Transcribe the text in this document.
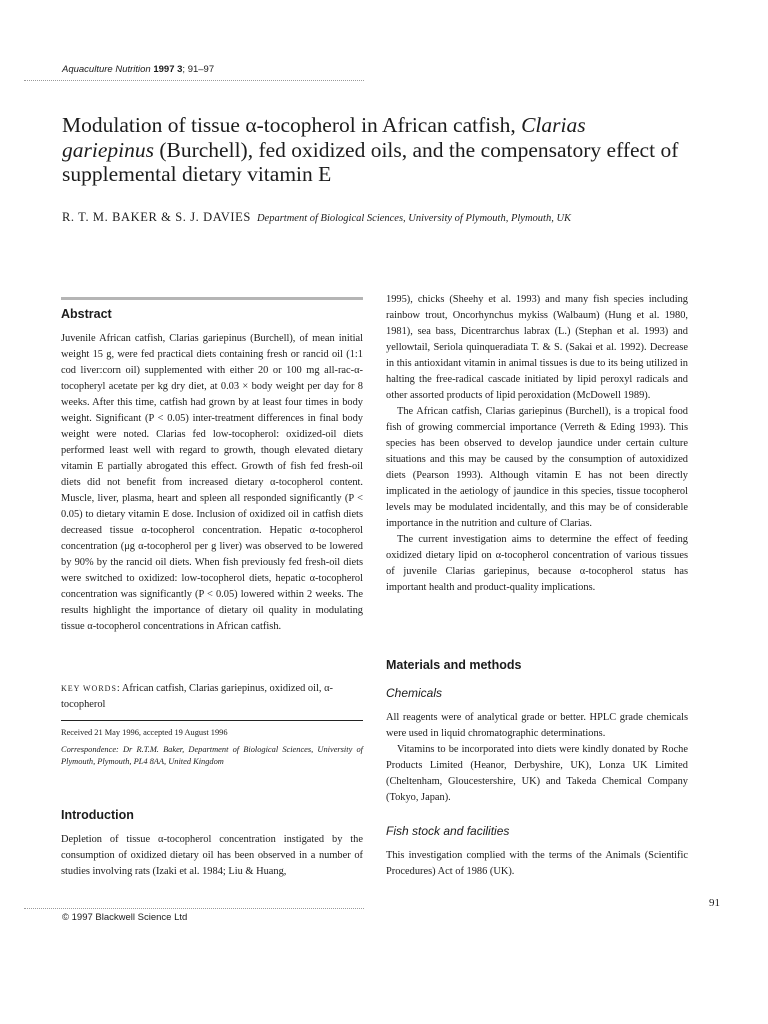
Aquaculture Nutrition 1997 3; 91–97
Modulation of tissue α-tocopherol in African catfish, Clarias gariepinus (Burchell), fed oxidized oils, and the compensatory effect of supplemental dietary vitamin E
R. T. M. BAKER & S. J. DAVIES Department of Biological Sciences, University of Plymouth, Plymouth, UK
Abstract
Juvenile African catfish, Clarias gariepinus (Burchell), of mean initial weight 15 g, were fed practical diets containing fresh or rancid oil (1:1 cod liver:corn oil) supplemented with either 20 or 100 mg all-rac-α-tocopheryl acetate per kg dry diet, at 0.03 × body weight per day for 8 weeks. After this time, catfish had grown by at least four times in body weight. Significant (P < 0.05) inter-treatment differences in final body weight were noted. Clarias fed low-tocopherol: oxidized-oil diets performed least well with regard to growth, though elevated dietary vitamin E partially abrogated this effect. Growth of fish fed fresh-oil diets did not benefit from increased dietary α-tocopherol content. Muscle, liver, plasma, heart and spleen all responded significantly (P < 0.05) to dietary vitamin E dose. Inclusion of oxidized oil in catfish diets decreased tissue α-tocopherol concentration. Hepatic α-tocopherol concentration (μg α-tocopherol per g liver) was observed to be lowered by 90% by the rancid oil diets. When fish previously fed fresh-oil diets were switched to oxidized: low-tocopherol diets, hepatic α-tocopherol concentration was significantly (P < 0.05) lowered within 2 weeks. The results highlight the importance of dietary oil quality in modulating tissue α-tocopherol concentrations in African catfish.
KEY WORDS: African catfish, Clarias gariepinus, oxidized oil, α-tocopherol
Received 21 May 1996, accepted 19 August 1996
Correspondence: Dr R.T.M. Baker, Department of Biological Sciences, University of Plymouth, Plymouth, PL4 8AA, United Kingdom
Introduction
Depletion of tissue α-tocopherol concentration instigated by the consumption of oxidized dietary oil has been observed in a number of studies involving rats (Izaki et al. 1984; Liu & Huang,

1995), chicks (Sheehy et al. 1993) and many fish species including rainbow trout, Oncorhynchus mykiss (Walbaum) (Hung et al. 1980, 1981), sea bass, Dicentrarchus labrax (L.) (Stephan et al. 1993) and yellowtail, Seriola quinqueradiata T. & S. (Sakai et al. 1992). Decrease in this antioxidant vitamin in animal tissues is due to its being utilized in halting the free-radical cascade initiated by lipid peroxyl radicals and other assorted products of lipid peroxidation (McDowell 1989).

The African catfish, Clarias gariepinus (Burchell), is a tropical food fish of growing commercial importance (Verreth & Eding 1993). This species has been observed to develop jaundice under certain culture situations and this may be caused by the consumption of autoxidized diets (Pearson 1993). Although vitamin E has not been directly implicated in the aetiology of jaundice in this species, tissue tocopherol levels may be modulated incidentally, and this may be of considerable importance in the nutrition and culture of Clarias.

The current investigation aims to determine the effect of feeding oxidized dietary lipid on α-tocopherol concentration of various tissues of juvenile Clarias gariepinus, because α-tocopherol status has important health and product-quality implications.

Materials and methods
Chemicals

All reagents were of analytical grade or better. HPLC grade chemicals were used in liquid chromatographic determinations.

Vitamins to be incorporated into diets were kindly donated by Roche Products Limited (Heanor, Derbyshire, UK), Lonza UK Limited (Cheltenham, Gloucestershire, UK) and Takeda Chemical Company (Tokyo, Japan).

Fish stock and facilities
This investigation complied with the terms of the Animals (Scientific Procedures) Act of 1986 (UK).
91
© 1997 Blackwell Science Ltd
